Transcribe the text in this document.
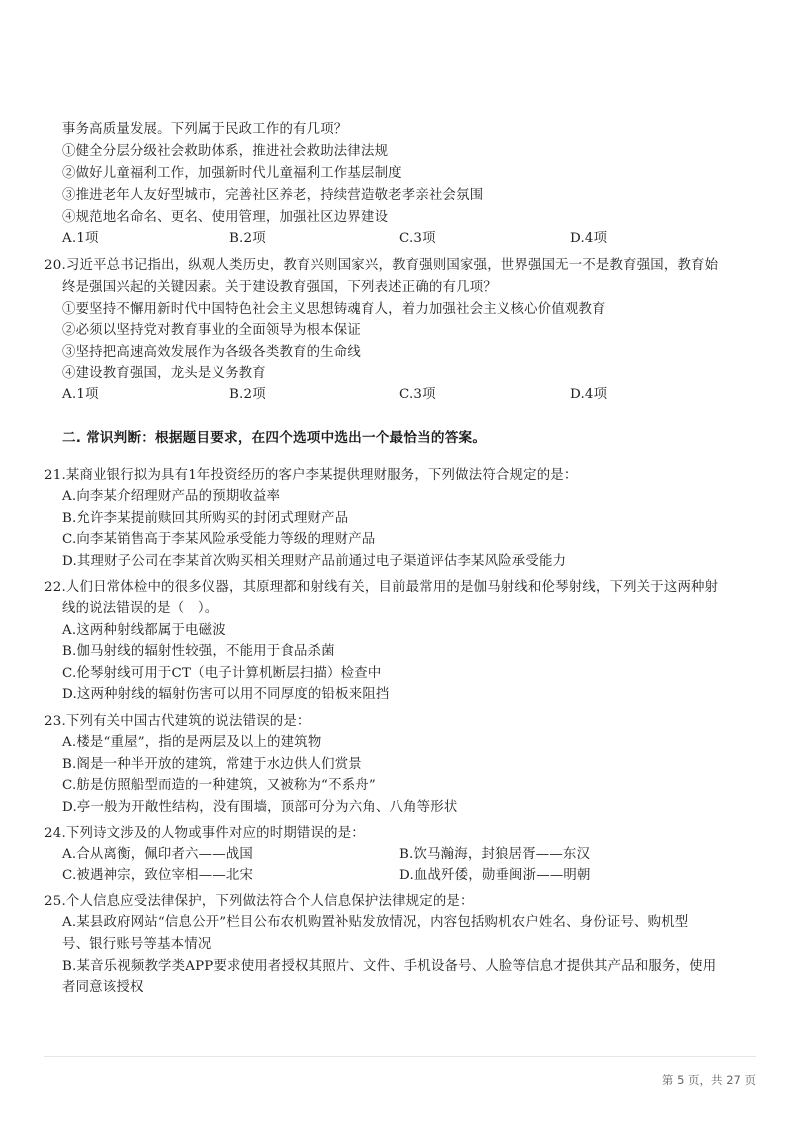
事务高质量发展。下列属于民政工作的有几项？
①健全分层分级社会救助体系，推进社会救助法律法规
②做好儿童福利工作，加强新时代儿童福利工作基层制度
③推进老年人友好型城市，完善社区养老，持续营造敬老孝亲社会氛围
④规范地名命名、更名、使用管理，加强社区边界建设
A.1项	B.2项	C.3项	D.4项
20.习近平总书记指出，纵观人类历史，教育兴则国家兴，教育强则国家强，世界强国无一不是教育强国，教育始
终是强国兴起的关键因素。关于建设教育强国，下列表述正确的有几项？
①要坚持不懈用新时代中国特色社会主义思想铸魂育人，着力加强社会主义核心价值观教育
②必须以坚持党对教育事业的全面领导为根本保证
③坚持把高速高效发展作为各级各类教育的生命线
④建设教育强国，龙头是义务教育
A.1项	B.2项	C.3项	D.4项
二. 常识判断：根据题目要求，在四个选项中选出一个最恰当的答案。
21.某商业银行拟为具有1年投资经历的客户李某提供理财服务，下列做法符合规定的是：
A.向李某介绍理财产品的预期收益率
B.允许李某提前赎回其所购买的封闭式理财产品
C.向李某销售高于李某风险承受能力等级的理财产品
D.其理财子公司在李某首次购买相关理财产品前通过电子渠道评估李某风险承受能力
22.人们日常体检中的很多仪器，其原理都和射线有关，目前最常用的是伽马射线和伦琴射线，下列关于这两种射
线的说法错误的是（　）。
A.这两种射线都属于电磁波
B.伽马射线的辐射性较强，不能用于食品杀菌
C.伦琴射线可用于CT（电子计算机断层扫描）检查中
D.这两种射线的辐射伤害可以用不同厚度的铅板来阻挡
23.下列有关中国古代建筑的说法错误的是：
A.楼是“重屋”，指的是两层及以上的建筑物
B.阁是一种半开放的建筑，常建于水边供人们赏景
C.舫是仿照船型而造的一种建筑，又被称为“不系舟”
D.亭一般为开敞性结构，没有围墙，顶部可分为六角、八角等形状
24.下列诗文涉及的人物或事件对应的时期错误的是：
A.合从离衡，佩印者六——战国	B.饮马瀚海，封狼居胥——东汉
C.被遇神宗，致位宰相——北宋	D.血战歼倭，勋垂闽浙——明朝
25.个人信息应受法律保护，下列做法符合个人信息保护法律规定的是：
A.某县政府网站“信息公开”栏目公布农机购置补贴发放情况，内容包括购机农户姓名、身份证号、购机型
号、银行账号等基本情况
B.某音乐视频教学类APP要求使用者授权其照片、文件、手机设备号、人脸等信息才提供其产品和服务，使用
者同意该授权
第 5 页，共 27 页
